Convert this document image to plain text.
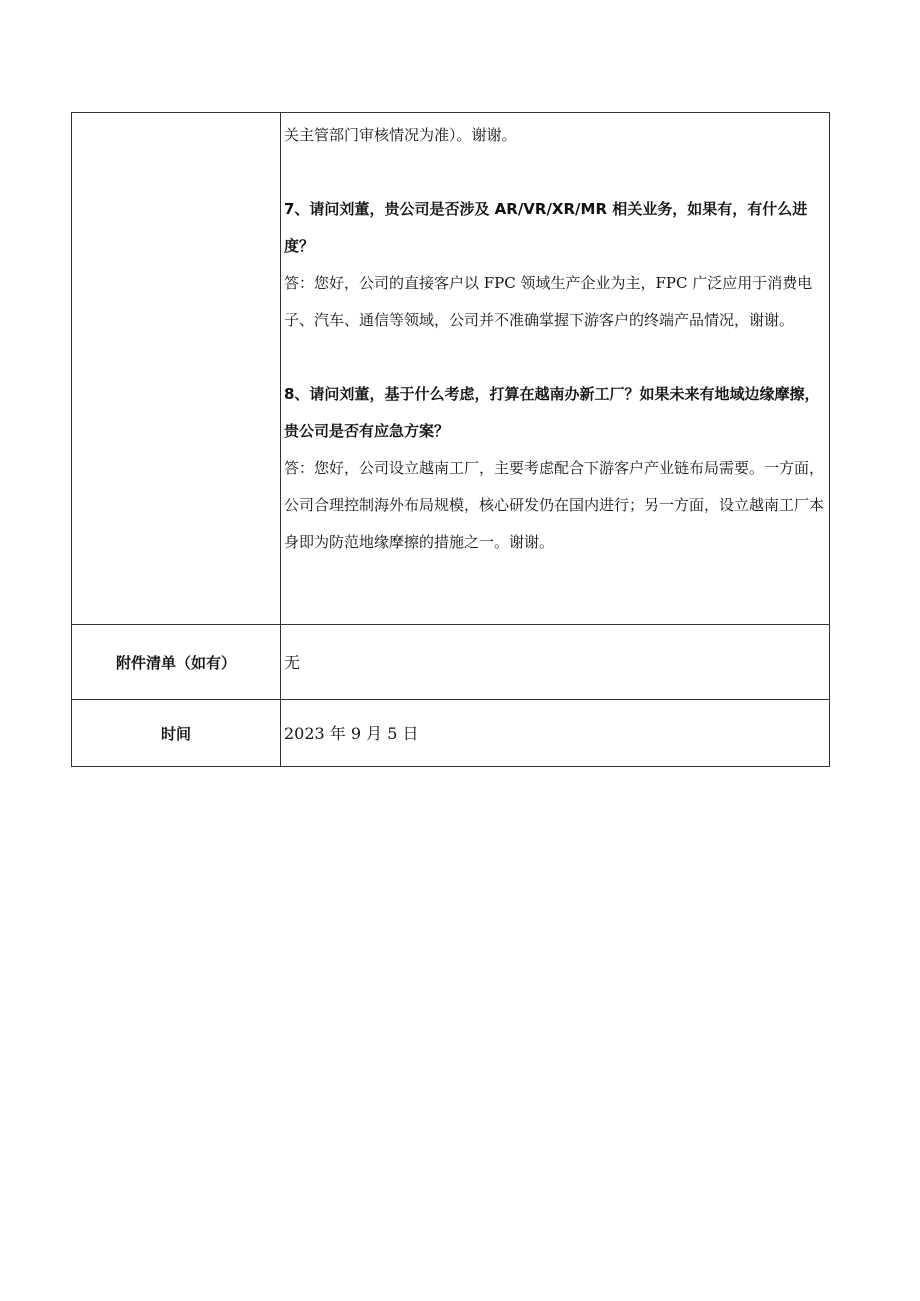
	关主管部门审核情况为准）。谢谢。

7、请问刘董，贵公司是否涉及 AR/VR/XR/MR 相关业务，如果有，有什么进度？

答：您好，公司的直接客户以 FPC 领域生产企业为主，FPC 广泛应用于消费电子、汽车、通信等领域，公司并不准确掌握下游客户的终端产品情况，谢谢。

8、请问刘董，基于什么考虑，打算在越南办新工厂？如果未来有地域边缘摩擦，贵公司是否有应急方案？

答：您好，公司设立越南工厂，主要考虑配合下游客户产业链布局需要。一方面，公司合理控制海外布局规模，核心研发仍在国内进行；另一方面，设立越南工厂本身即为防范地缘摩擦的措施之一。谢谢。

附件清单（如有）	无
时间	2023 年 9 月 5 日
